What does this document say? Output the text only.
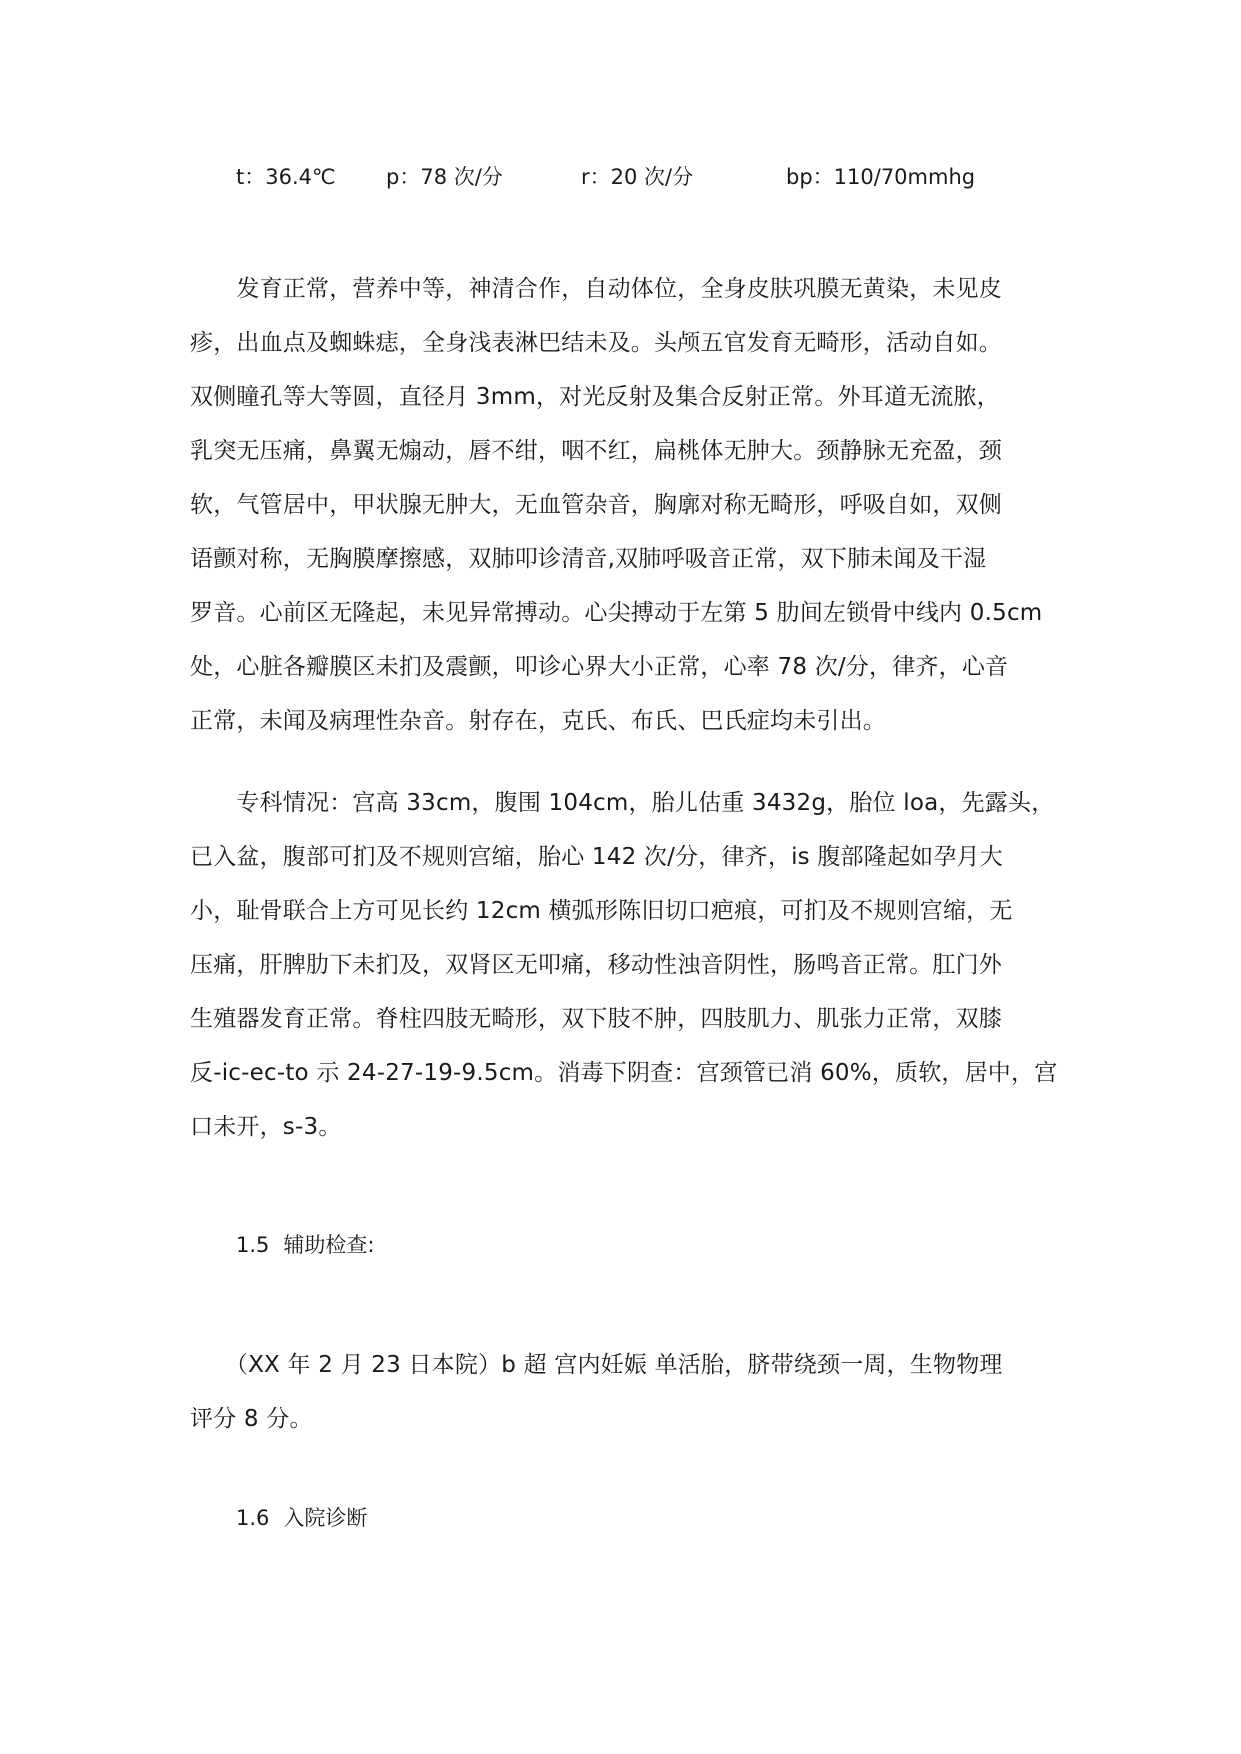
t：36.4℃ p：78 次/分	r：20 次/分	bp：110/70mmhg
　　发育正常，营养中等，神清合作，自动体位，全身皮肤巩膜无黄染，未见皮
疹，出血点及蜘蛛痣，全身浅表淋巴结未及。头颅五官发育无畸形，活动自如。
双侧瞳孔等大等圆，直径月 3mm，对光反射及集合反射正常。外耳道无流脓，
乳突无压痛，鼻翼无煽动，唇不绀，咽不红，扁桃体无肿大。颈静脉无充盈，颈
软，气管居中，甲状腺无肿大，无血管杂音，胸廓对称无畸形，呼吸自如，双侧
语颤对称，无胸膜摩擦感，双肺叩诊清音,双肺呼吸音正常，双下肺未闻及干湿
罗音。心前区无隆起，未见异常搏动。心尖搏动于左第 5 肋间左锁骨中线内 0.5cm
处，心脏各瓣膜区未扪及震颤，叩诊心界大小正常，心率 78 次/分，律齐，心音
正常，未闻及病理性杂音。射存在，克氏、布氏、巴氏症均未引出。
　　专科情况：宫高 33cm，腹围 104cm，胎儿估重 3432g，胎位 loa，先露头，
已入盆，腹部可扪及不规则宫缩，胎心 142 次/分，律齐，is 腹部隆起如孕月大
小，耻骨联合上方可见长约 12cm 横弧形陈旧切口疤痕，可扪及不规则宫缩，无
压痛，肝脾肋下未扪及，双肾区无叩痛，移动性浊音阴性，肠鸣音正常。肛门外
生殖器发育正常。脊柱四肢无畸形，双下肢不肿，四肢肌力、肌张力正常，双膝
反-ic-ec-to 示 24-27-19-9.5cm。消毒下阴查：宫颈管已消 60%，质软，居中，宫
口未开，s-3。
1.5 辅助检查:
　　（XX 年 2 月 23 日本院）b 超 宫内妊娠 单活胎，脐带绕颈一周，生物物理
评分 8 分。
1.6 入院诊断
